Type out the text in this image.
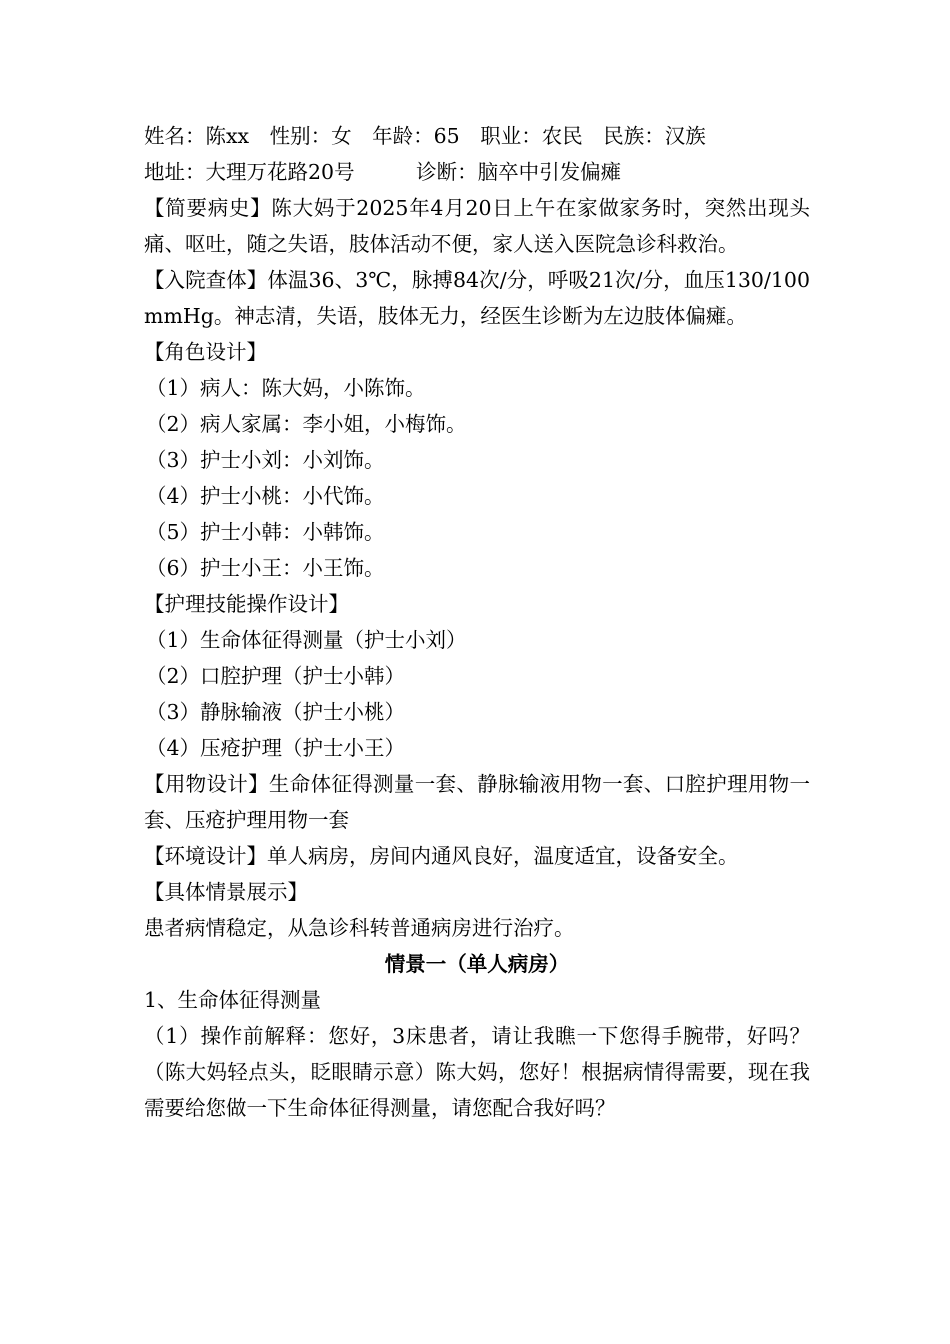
姓名：陈xx　性别：女　年龄：65　职业：农民　民族：汉族
地址：大理万花路20号　　　诊断：脑卒中引发偏瘫
【简要病史】陈大妈于2025年4月20日上午在家做家务时，突然出现头痛、呕吐，随之失语，肢体活动不便，家人送入医院急诊科救治。
【入院查体】体温36、3℃，脉搏84次/分，呼吸21次/分，血压130/100 mmHg。神志清，失语，肢体无力，经医生诊断为左边肢体偏瘫。
【角色设计】
（1）病人：陈大妈，小陈饰。
（2）病人家属：李小姐，小梅饰。
（3）护士小刘：小刘饰。
（4）护士小桃：小代饰。
（5）护士小韩：小韩饰。
（6）护士小王：小王饰。
【护理技能操作设计】
（1）生命体征得测量（护士小刘）
（2）口腔护理（护士小韩）
（3）静脉输液（护士小桃）
（4）压疮护理（护士小王）
【用物设计】生命体征得测量一套、静脉输液用物一套、口腔护理用物一套、压疮护理用物一套
【环境设计】单人病房，房间内通风良好，温度适宜，设备安全。
【具体情景展示】
患者病情稳定，从急诊科转普通病房进行治疗。
情景一（单人病房）
1、生命体征得测量
（1）操作前解释：您好，3床患者，请让我瞧一下您得手腕带，好吗？（陈大妈轻点头，眨眼睛示意）陈大妈，您好！根据病情得需要，现在我需要给您做一下生命体征得测量，请您配合我好吗？
